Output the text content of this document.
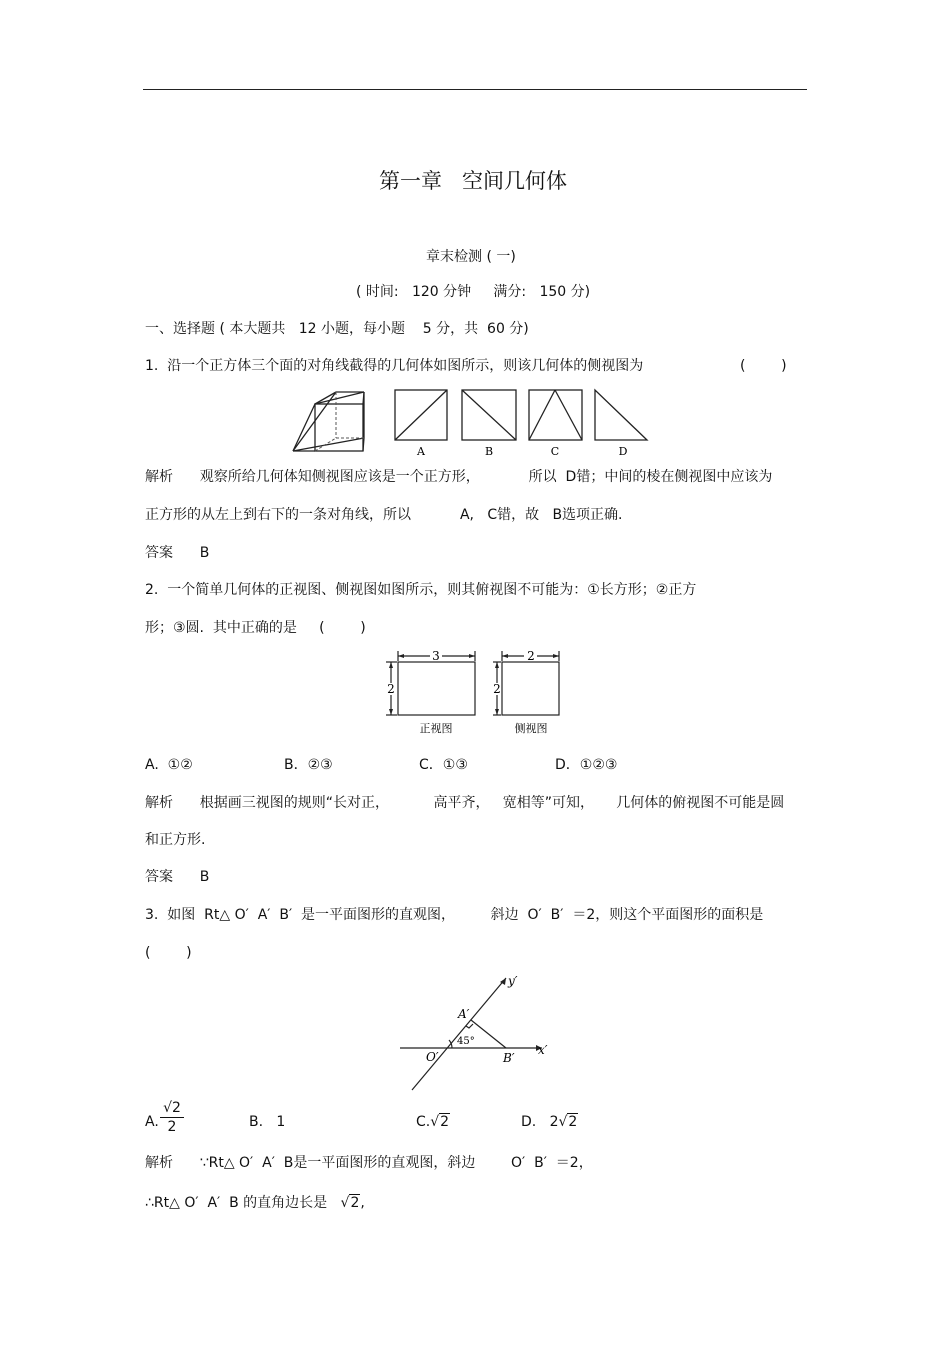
第一章   空间几何体
章末检测 ( 一)
( 时间:   120 分钟     满分:   150 分)
一、选择题 ( 本大题共   12 小题，每小题    5 分，共  60 分)
1.  沿一个正方体三个面的对角线截得的几何体如图所示，则该几何体的侧视图为	(        )
A	B	C	D
解析      观察所给几何体知侧视图应该是一个正方形，           所以  D错；中间的棱在侧视图中应该为
正方形的从左上到右下的一条对角线，所以           A,   C错，故   B选项正确.
答案      B
2.  一个简单几何体的正视图、侧视图如图所示，则其俯视图不可能为：①长方形；②正方
形；③圆.  其中正确的是     (        )
3
2
2
2
正视图	侧视图
A.  ①②	B．②③	C．①③	D．①②③
解析      根据画三视图的规则“长对正，          高平齐，   宽相等”可知，     几何体的俯视图不可能是圆
和正方形.
答案      B
3.  如图  Rt△ O′  A′  B′  是一平面图形的直观图，        斜边  O′  B′  ＝2，则这个平面图形的面积是
(        )
y′
x′
O′
A′
B′
45°
A. $\frac{√2}{2}$	B.   1	C.√2	D.   2√2
解析      ∵Rt△ O′  A′  B是一平面图形的直观图，斜边        O′  B′  ＝2，
∴Rt△ O′  A′  B 的直角边长是 √2,
